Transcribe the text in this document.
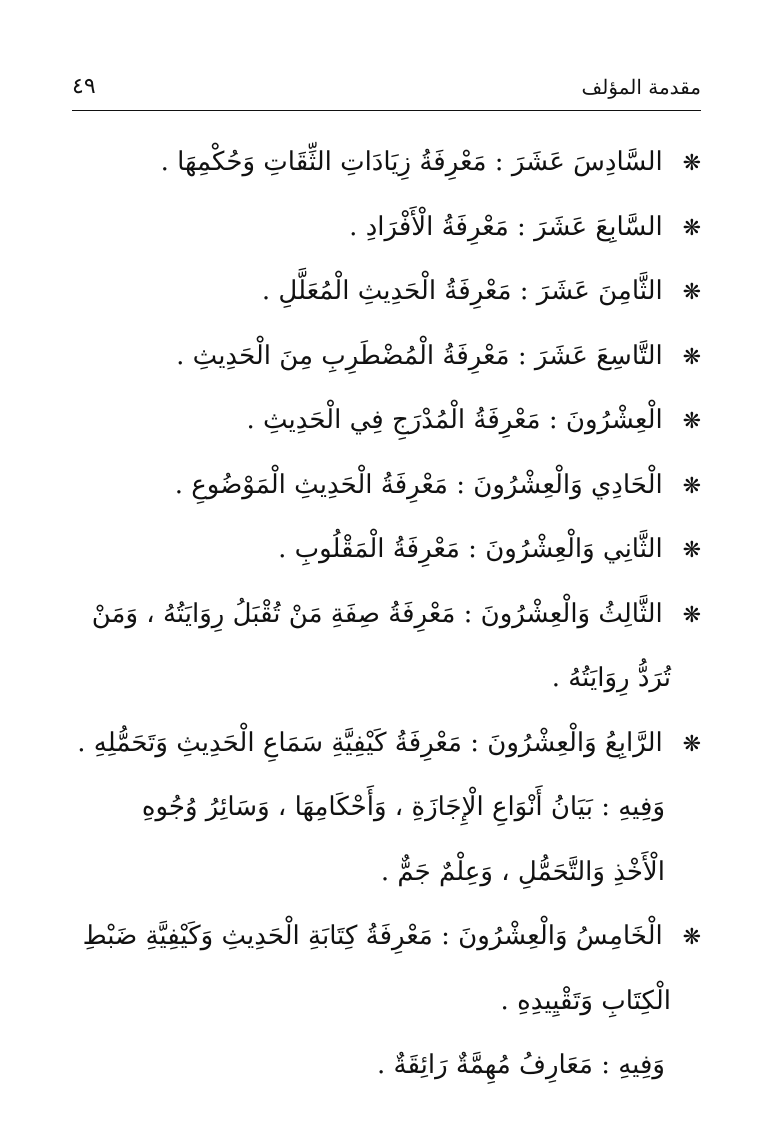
مقدمة المؤلف
٤٩
❋ السَّادِسَ عَشَرَ : مَعْرِفَةُ زِيَادَاتِ الثِّقَاتِ وَحُكْمِهَا .
❋ السَّابِعَ عَشَرَ : مَعْرِفَةُ الْأَفْرَادِ .
❋ الثَّامِنَ عَشَرَ : مَعْرِفَةُ الْحَدِيثِ الْمُعَلَّلِ .
❋ التَّاسِعَ عَشَرَ : مَعْرِفَةُ الْمُضْطَرِبِ مِنَ الْحَدِيثِ .
❋ الْعِشْرُونَ : مَعْرِفَةُ الْمُدْرَجِ فِي الْحَدِيثِ .
❋ الْحَادِي وَالْعِشْرُونَ : مَعْرِفَةُ الْحَدِيثِ الْمَوْضُوعِ .
❋ الثَّانِي وَالْعِشْرُونَ : مَعْرِفَةُ الْمَقْلُوبِ .
❋ الثَّالِثُ وَالْعِشْرُونَ : مَعْرِفَةُ صِفَةِ مَنْ تُقْبَلُ رِوَايَتُهُ ، وَمَنْ
تُرَدُّ رِوَايَتُهُ .
❋ الرَّابِعُ وَالْعِشْرُونَ : مَعْرِفَةُ كَيْفِيَّةِ سَمَاعِ الْحَدِيثِ وَتَحَمُّلِهِ .
وَفِيهِ : بَيَانُ أَنْوَاعِ الْإِجَازَةِ ، وَأَحْكَامِهَا ، وَسَائِرُ وُجُوهِ
الْأَخْذِ وَالتَّحَمُّلِ ، وَعِلْمٌ جَمٌّ .
❋ الْخَامِسُ وَالْعِشْرُونَ : مَعْرِفَةُ كِتَابَةِ الْحَدِيثِ وَكَيْفِيَّةِ ضَبْطِ
الْكِتَابِ وَتَقْيِيدِهِ .
وَفِيهِ : مَعَارِفُ مُهِمَّةٌ رَائِقَةٌ .
